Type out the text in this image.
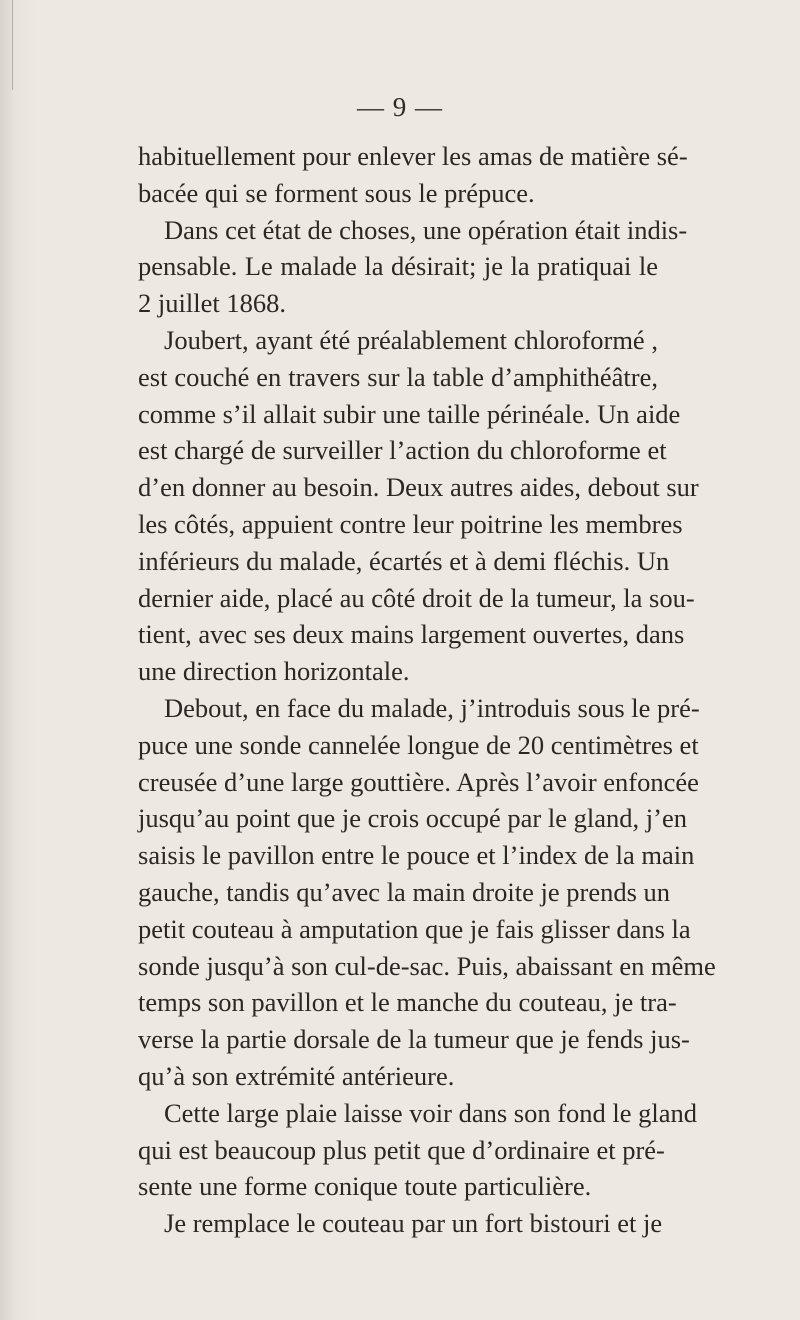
— 9 —
habituellement pour enlever les amas de matière sé-
bacée qui se forment sous le prépuce.
Dans cet état de choses, une opération était indis-
pensable. Le malade la désirait; je la pratiquai le
2 juillet 1868.
Joubert, ayant été préalablement chloroformé ,
est couché en travers sur la table d’amphithéâtre,
comme s’il allait subir une taille périnéale. Un aide
est chargé de surveiller l’action du chloroforme et
d’en donner au besoin. Deux autres aides, debout sur
les côtés, appuient contre leur poitrine les membres
inférieurs du malade, écartés et à demi fléchis. Un
dernier aide, placé au côté droit de la tumeur, la sou-
tient, avec ses deux mains largement ouvertes, dans
une direction horizontale.
Debout, en face du malade, j’introduis sous le pré-
puce une sonde cannelée longue de 20 centimètres et
creusée d’une large gouttière. Après l’avoir enfoncée
jusqu’au point que je crois occupé par le gland, j’en
saisis le pavillon entre le pouce et l’index de la main
gauche, tandis qu’avec la main droite je prends un
petit couteau à amputation que je fais glisser dans la
sonde jusqu’à son cul-de-sac. Puis, abaissant en même
temps son pavillon et le manche du couteau, je tra-
verse la partie dorsale de la tumeur que je fends jus-
qu’à son extrémité antérieure.
Cette large plaie laisse voir dans son fond le gland
qui est beaucoup plus petit que d’ordinaire et pré-
sente une forme conique toute particulière.
Je remplace le couteau par un fort bistouri et je
